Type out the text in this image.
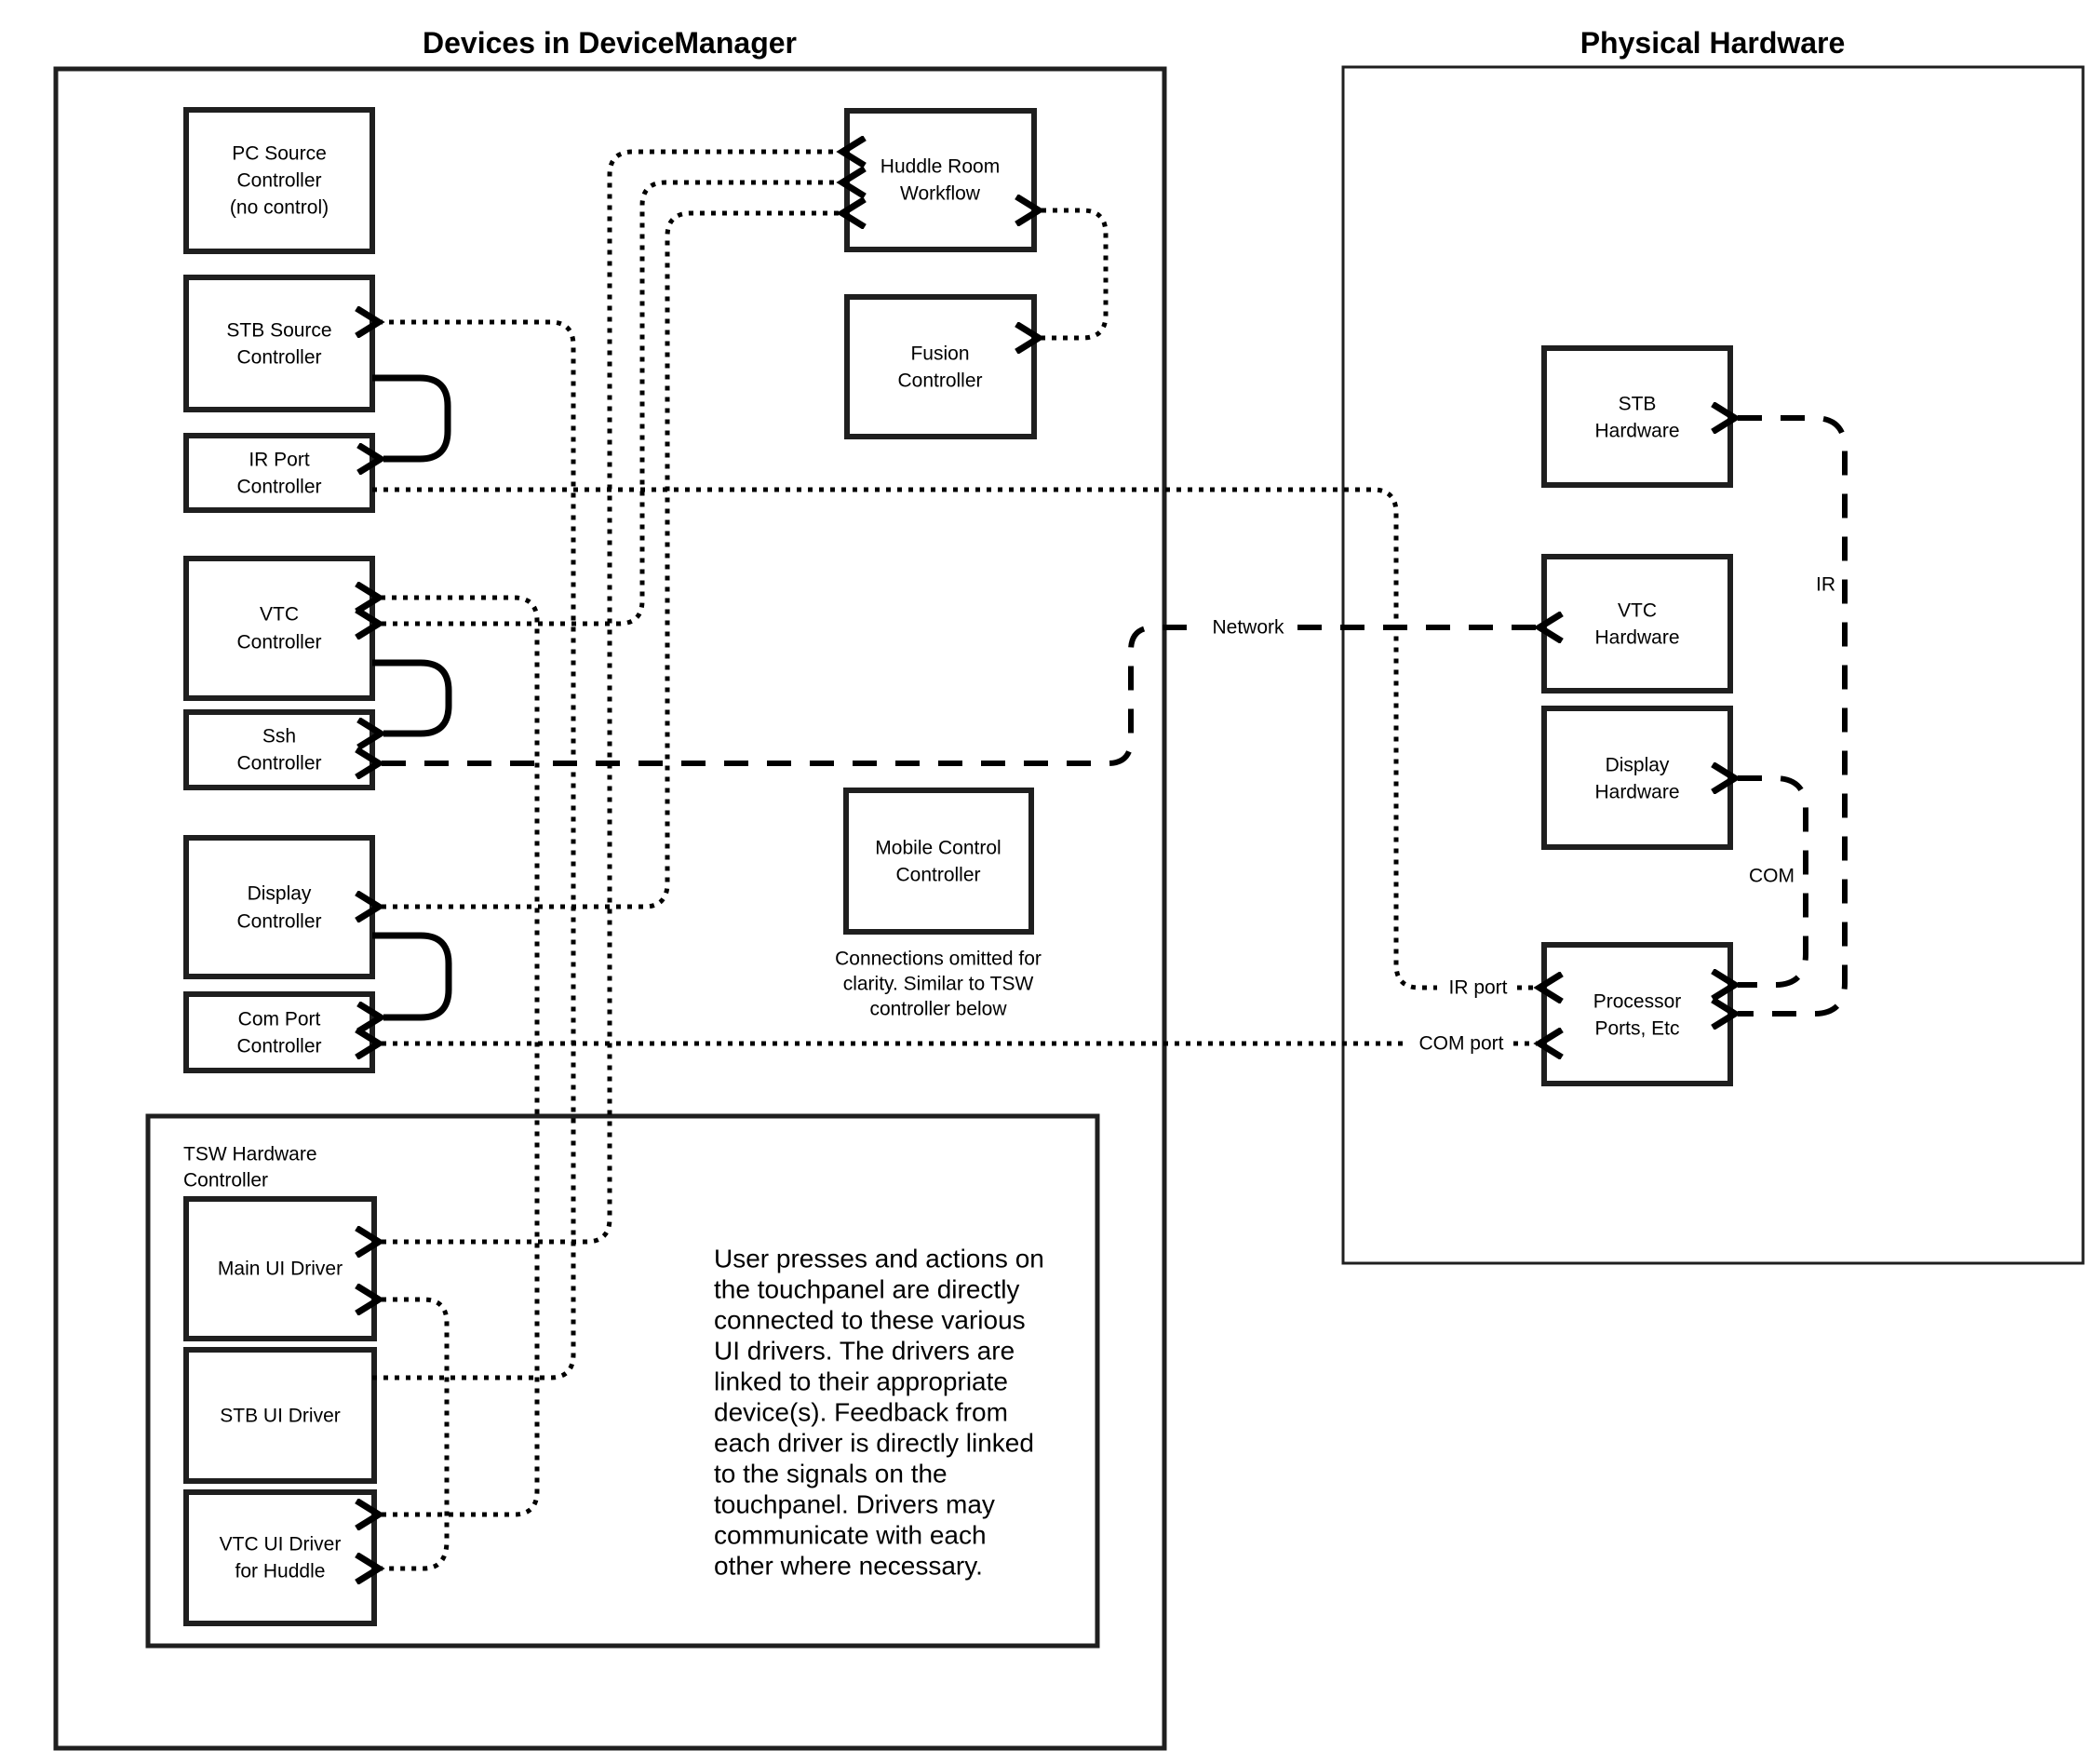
Devices in DeviceManager	Physical Hardware
PC Source
Controller
(no control)
STB Source
Controller
IR Port
Controller
VTC
Controller
Ssh
Controller
Display
Controller
Com Port
Controller
Huddle Room
Workflow
Fusion
Controller
Mobile Control
Controller
Connections omitted for
clarity. Similar to TSW
controller below
TSW Hardware
Controller
Main UI Driver
STB UI Driver
VTC UI Driver
for Huddle
User presses and actions on
the touchpanel are directly
connected to these various
UI drivers. The drivers are
linked to their appropriate
device(s). Feedback from
each driver is directly linked
to the signals on the
touchpanel. Drivers may
communicate with each
other where necessary.
STB
Hardware
VTC
Hardware
Display
Hardware
Processor
Ports, Etc
IR port
COM port
Network
IR
COM
